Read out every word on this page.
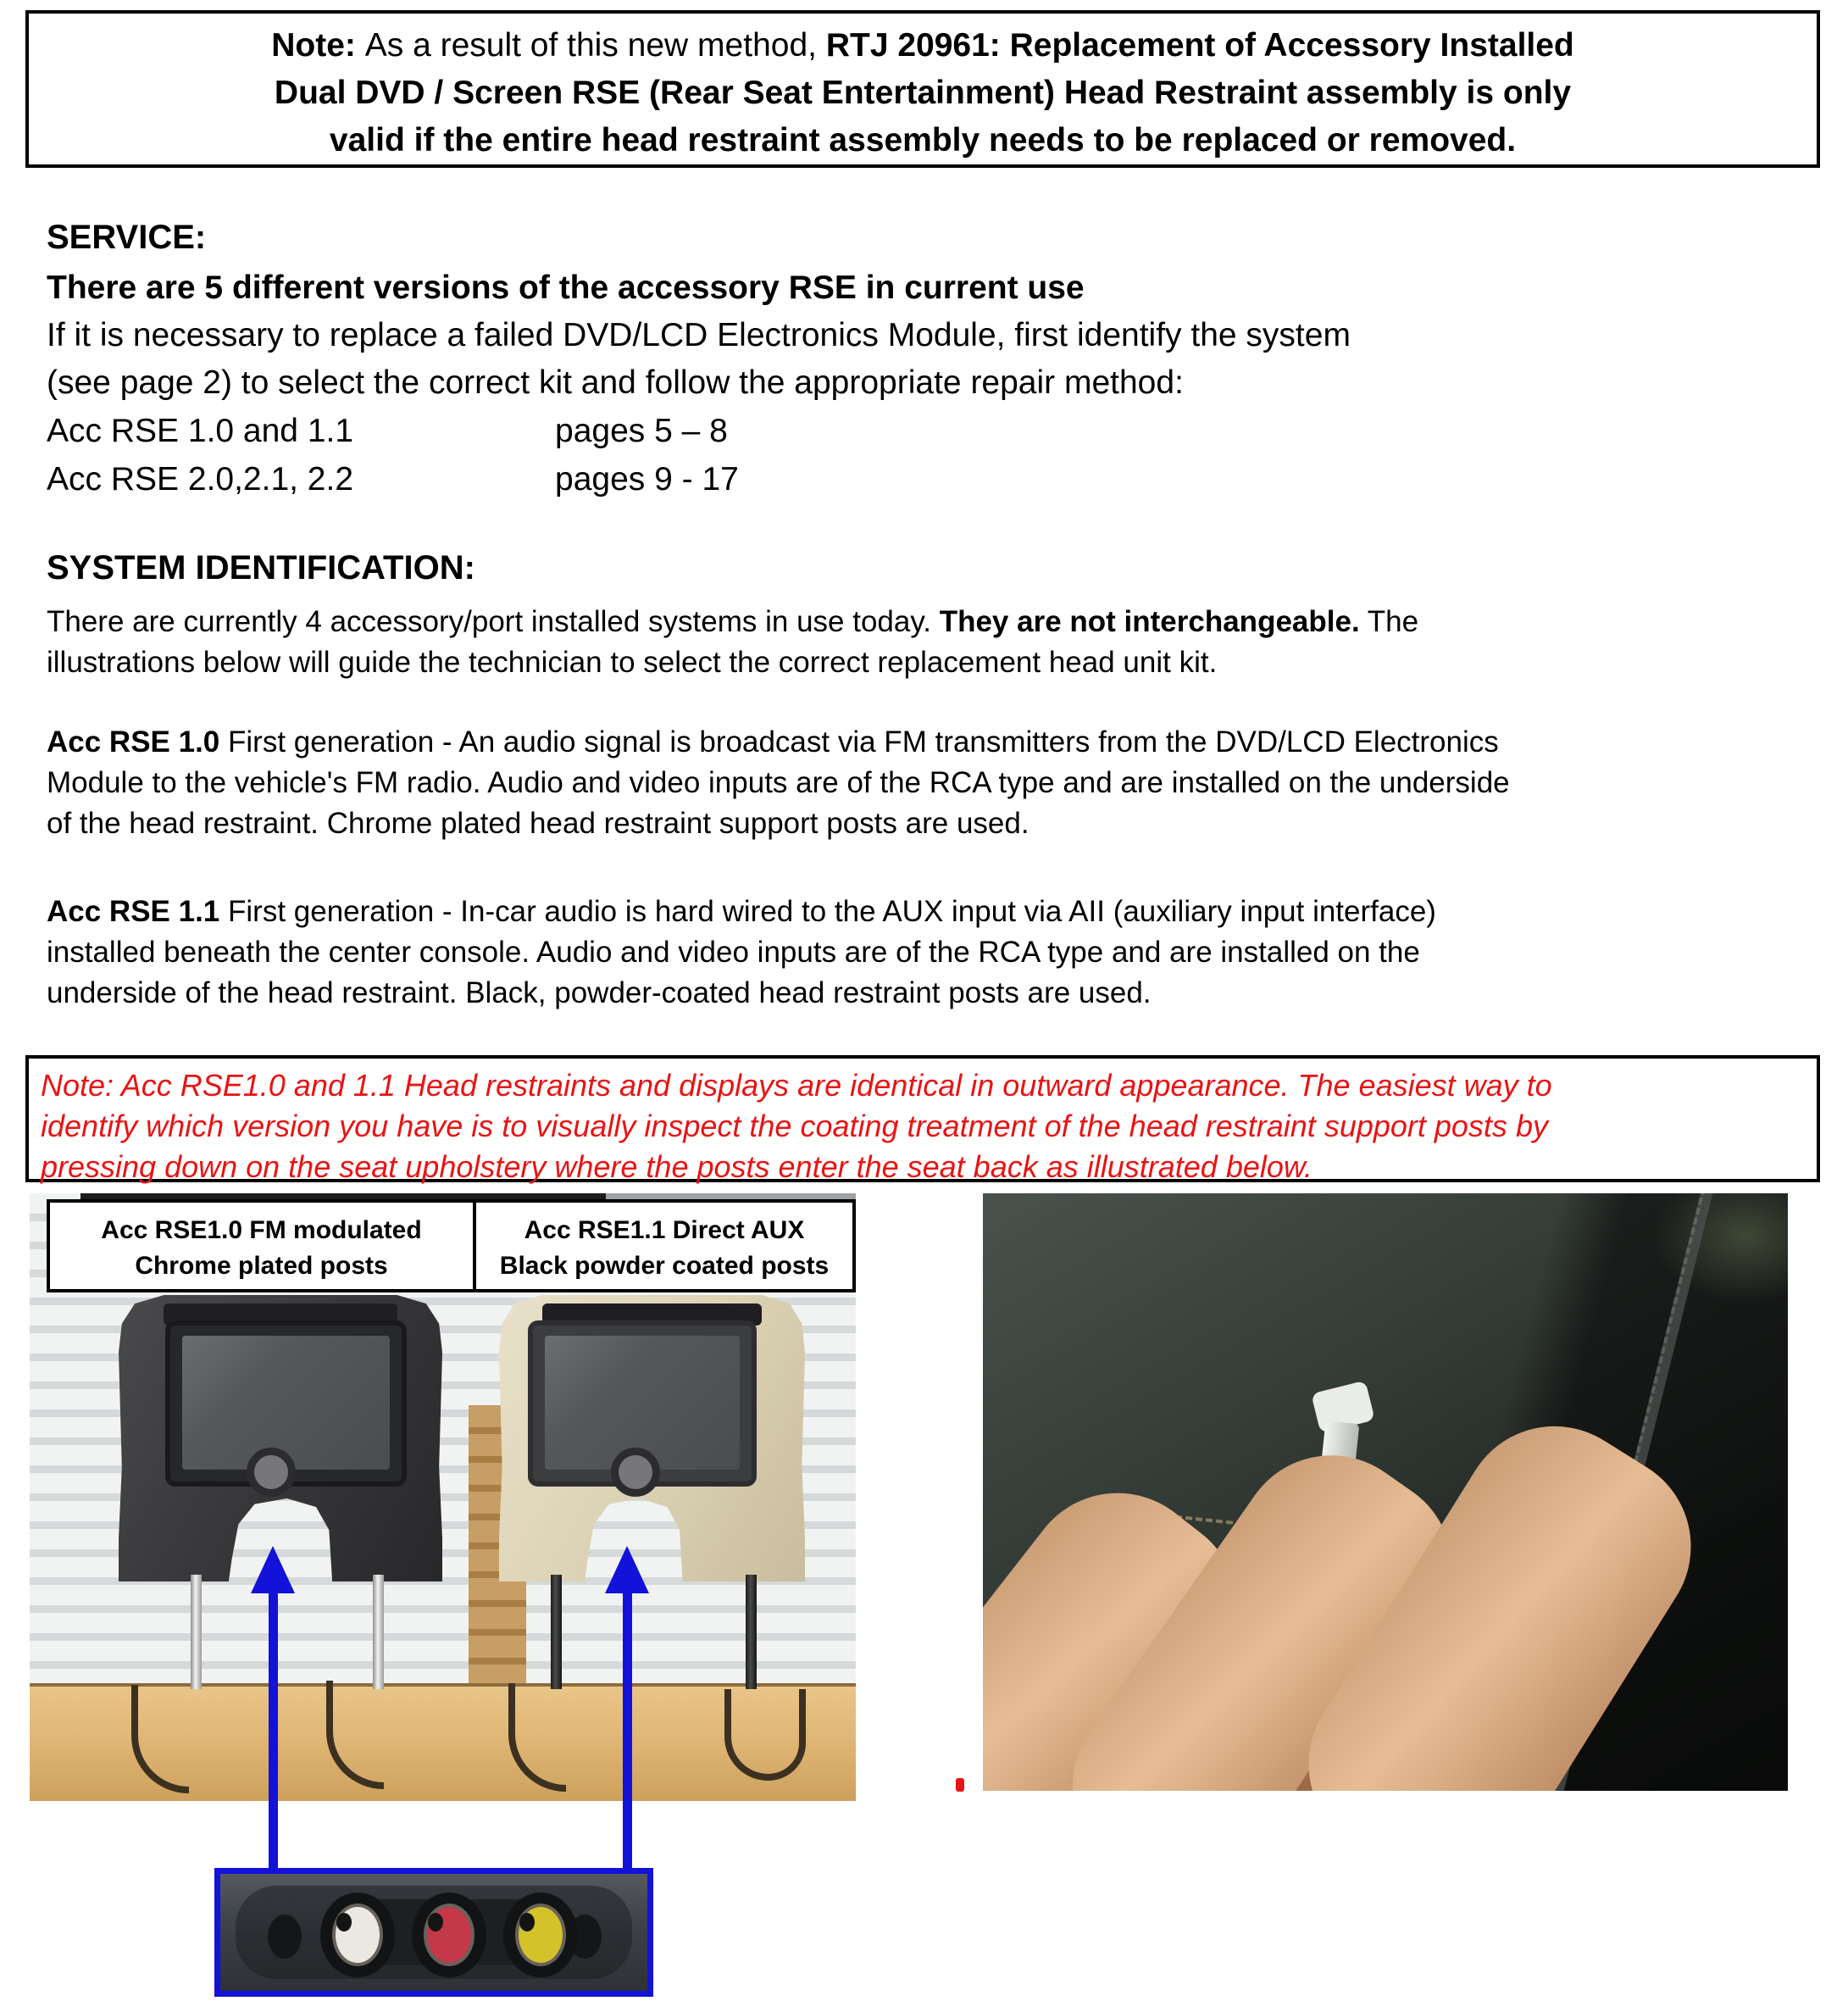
Note: As a result of this new method, RTJ 20961: Replacement of Accessory Installed
Dual DVD / Screen RSE (Rear Seat Entertainment) Head Restraint assembly is only
valid if the entire head restraint assembly needs to be replaced or removed.
SERVICE:
There are 5 different versions of the accessory RSE in current use
If it is necessary to replace a failed DVD/LCD Electronics Module, first identify the system
(see page 2) to select the correct kit and follow the appropriate repair method:
Acc RSE 1.0 and 1.1	pages 5 – 8
Acc RSE 2.0,2.1, 2.2	pages 9 - 17
SYSTEM IDENTIFICATION:
There are currently 4 accessory/port installed systems in use today. They are not interchangeable. The
illustrations below will guide the technician to select the correct replacement head unit kit.
Acc RSE 1.0 First generation - An audio signal is broadcast via FM transmitters from the DVD/LCD Electronics
Module to the vehicle's FM radio. Audio and video inputs are of the RCA type and are installed on the underside
of the head restraint. Chrome plated head restraint support posts are used.
Acc RSE 1.1 First generation - In-car audio is hard wired to the AUX input via AII (auxiliary input interface)
installed beneath the center console. Audio and video inputs are of the RCA type and are installed on the
underside of the head restraint. Black, powder-coated head restraint posts are used.
Note: Acc RSE1.0 and 1.1 Head restraints and displays are identical in outward appearance. The easiest way to
identify which version you have is to visually inspect the coating treatment of the head restraint support posts by
pressing down on the seat upholstery where the posts enter the seat back as illustrated below.
Acc RSE1.0 FM modulated
Chrome plated posts
Acc RSE1.1 Direct AUX
Black powder coated posts
